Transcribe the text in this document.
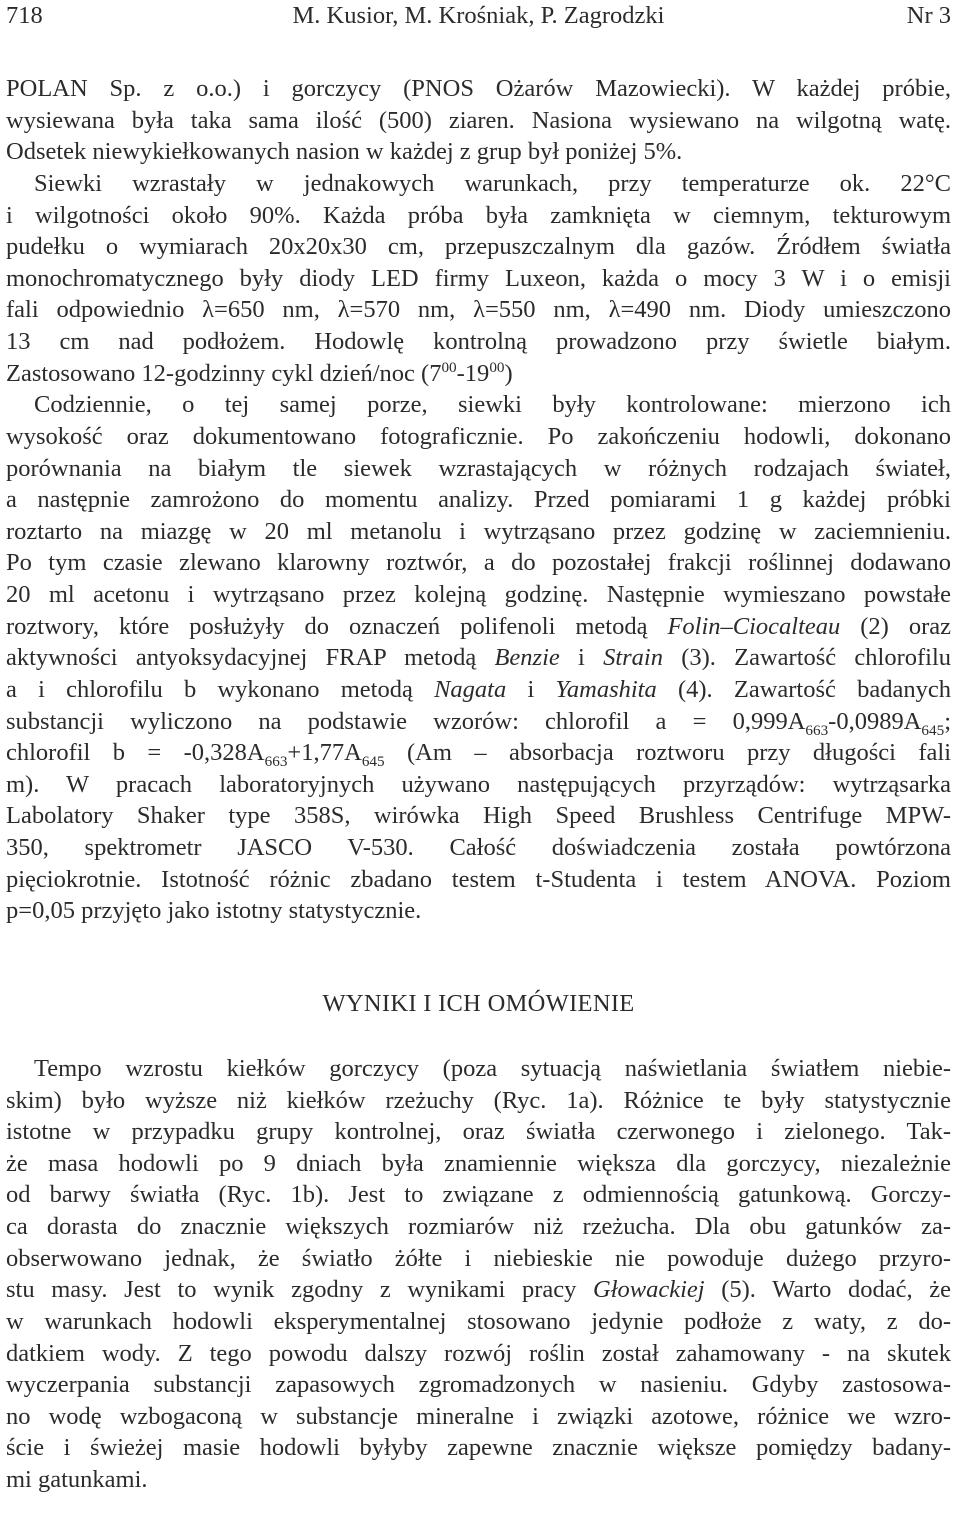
718	M. Kusior, M. Krośniak, P. Zagrodzki	Nr 3
POLAN Sp. z o.o.) i gorczycy (PNOS Ożarów Mazowiecki). W każdej próbie,
wysiewana była taka sama ilość (500) ziaren. Nasiona wysiewano na wilgotną watę.
Odsetek niewykiełkowanych nasion w każdej z grup był poniżej 5%.
Siewki wzrastały w jednakowych warunkach, przy temperaturze ok. 22°C
i wilgotności około 90%. Każda próba była zamknięta w ciemnym, tekturowym
pudełku o wymiarach 20x20x30 cm, przepuszczalnym dla gazów. Źródłem światła
monochromatycznego były diody LED firmy Luxeon, każda o mocy 3 W i o emisji
fali odpowiednio λ=650 nm, λ=570 nm, λ=550 nm, λ=490 nm. Diody umieszczono
13 cm nad podłożem. Hodowlę kontrolną prowadzono przy świetle białym.
Zastosowano 12-godzinny cykl dzień/noc $(7^{00}-19^{00})$
Codziennie, o tej samej porze, siewki były kontrolowane: mierzono ich
wysokość oraz dokumentowano fotograficznie. Po zakończeniu hodowli, dokonano
porównania na białym tle siewek wzrastających w różnych rodzajach świateł,
a następnie zamrożono do momentu analizy. Przed pomiarami 1 g każdej próbki
roztarto na miazgę w 20 ml metanolu i wytrząsano przez godzinę w zaciemnieniu.
Po tym czasie zlewano klarowny roztwór, a do pozostałej frakcji roślinnej dodawano
20 ml acetonu i wytrząsano przez kolejną godzinę. Następnie wymieszano powstałe
roztwory, które posłużyły do oznaczeń polifenoli metodą Folin–Ciocalteau (2) oraz
aktywności antyoksydacyjnej FRAP metodą Benzie i Strain (3). Zawartość chlorofilu
a i chlorofilu b wykonano metodą Nagata i Yamashita (4). Zawartość badanych
substancji wyliczono na podstawie wzorów: chlorofil $a = 0,999A_{663}-0,0989A_{645}$;
chlorofil $b = -0,328A_{663}+1,77A_{645}$ (Am – absorbacja roztworu przy długości fali
m). W pracach laboratoryjnych używano następujących przyrządów: wytrząsarka
Labolatory Shaker type 358S, wirówka High Speed Brushless Centrifuge MPW-
350, spektrometr JASCO V-530. Całość doświadczenia została powtórzona
pięciokrotnie. Istotność różnic zbadano testem t-Studenta i testem ANOVA. Poziom
p=0,05 przyjęto jako istotny statystycznie.
WYNIKI I ICH OMÓWIENIE
Tempo wzrostu kiełków gorczycy (poza sytuacją naświetlania światłem niebie-
skim) było wyższe niż kiełków rzeżuchy (Ryc. 1a). Różnice te były statystycznie
istotne w przypadku grupy kontrolnej, oraz światła czerwonego i zielonego. Tak-
że masa hodowli po 9 dniach była znamiennie większa dla gorczycy, niezależnie
od barwy światła (Ryc. 1b). Jest to związane z odmiennością gatunkową. Gorczy-
ca dorasta do znacznie większych rozmiarów niż rzeżucha. Dla obu gatunków za-
obserwowano jednak, że światło żółte i niebieskie nie powoduje dużego przyro-
stu masy. Jest to wynik zgodny z wynikami pracy Głowackiej (5). Warto dodać, że
w warunkach hodowli eksperymentalnej stosowano jedynie podłoże z waty, z do-
datkiem wody. Z tego powodu dalszy rozwój roślin został zahamowany - na skutek
wyczerpania substancji zapasowych zgromadzonych w nasieniu. Gdyby zastosowa-
no wodę wzbogaconą w substancje mineralne i związki azotowe, różnice we wzro-
ście i świeżej masie hodowli byłyby zapewne znacznie większe pomiędzy badany-
mi gatunkami.
